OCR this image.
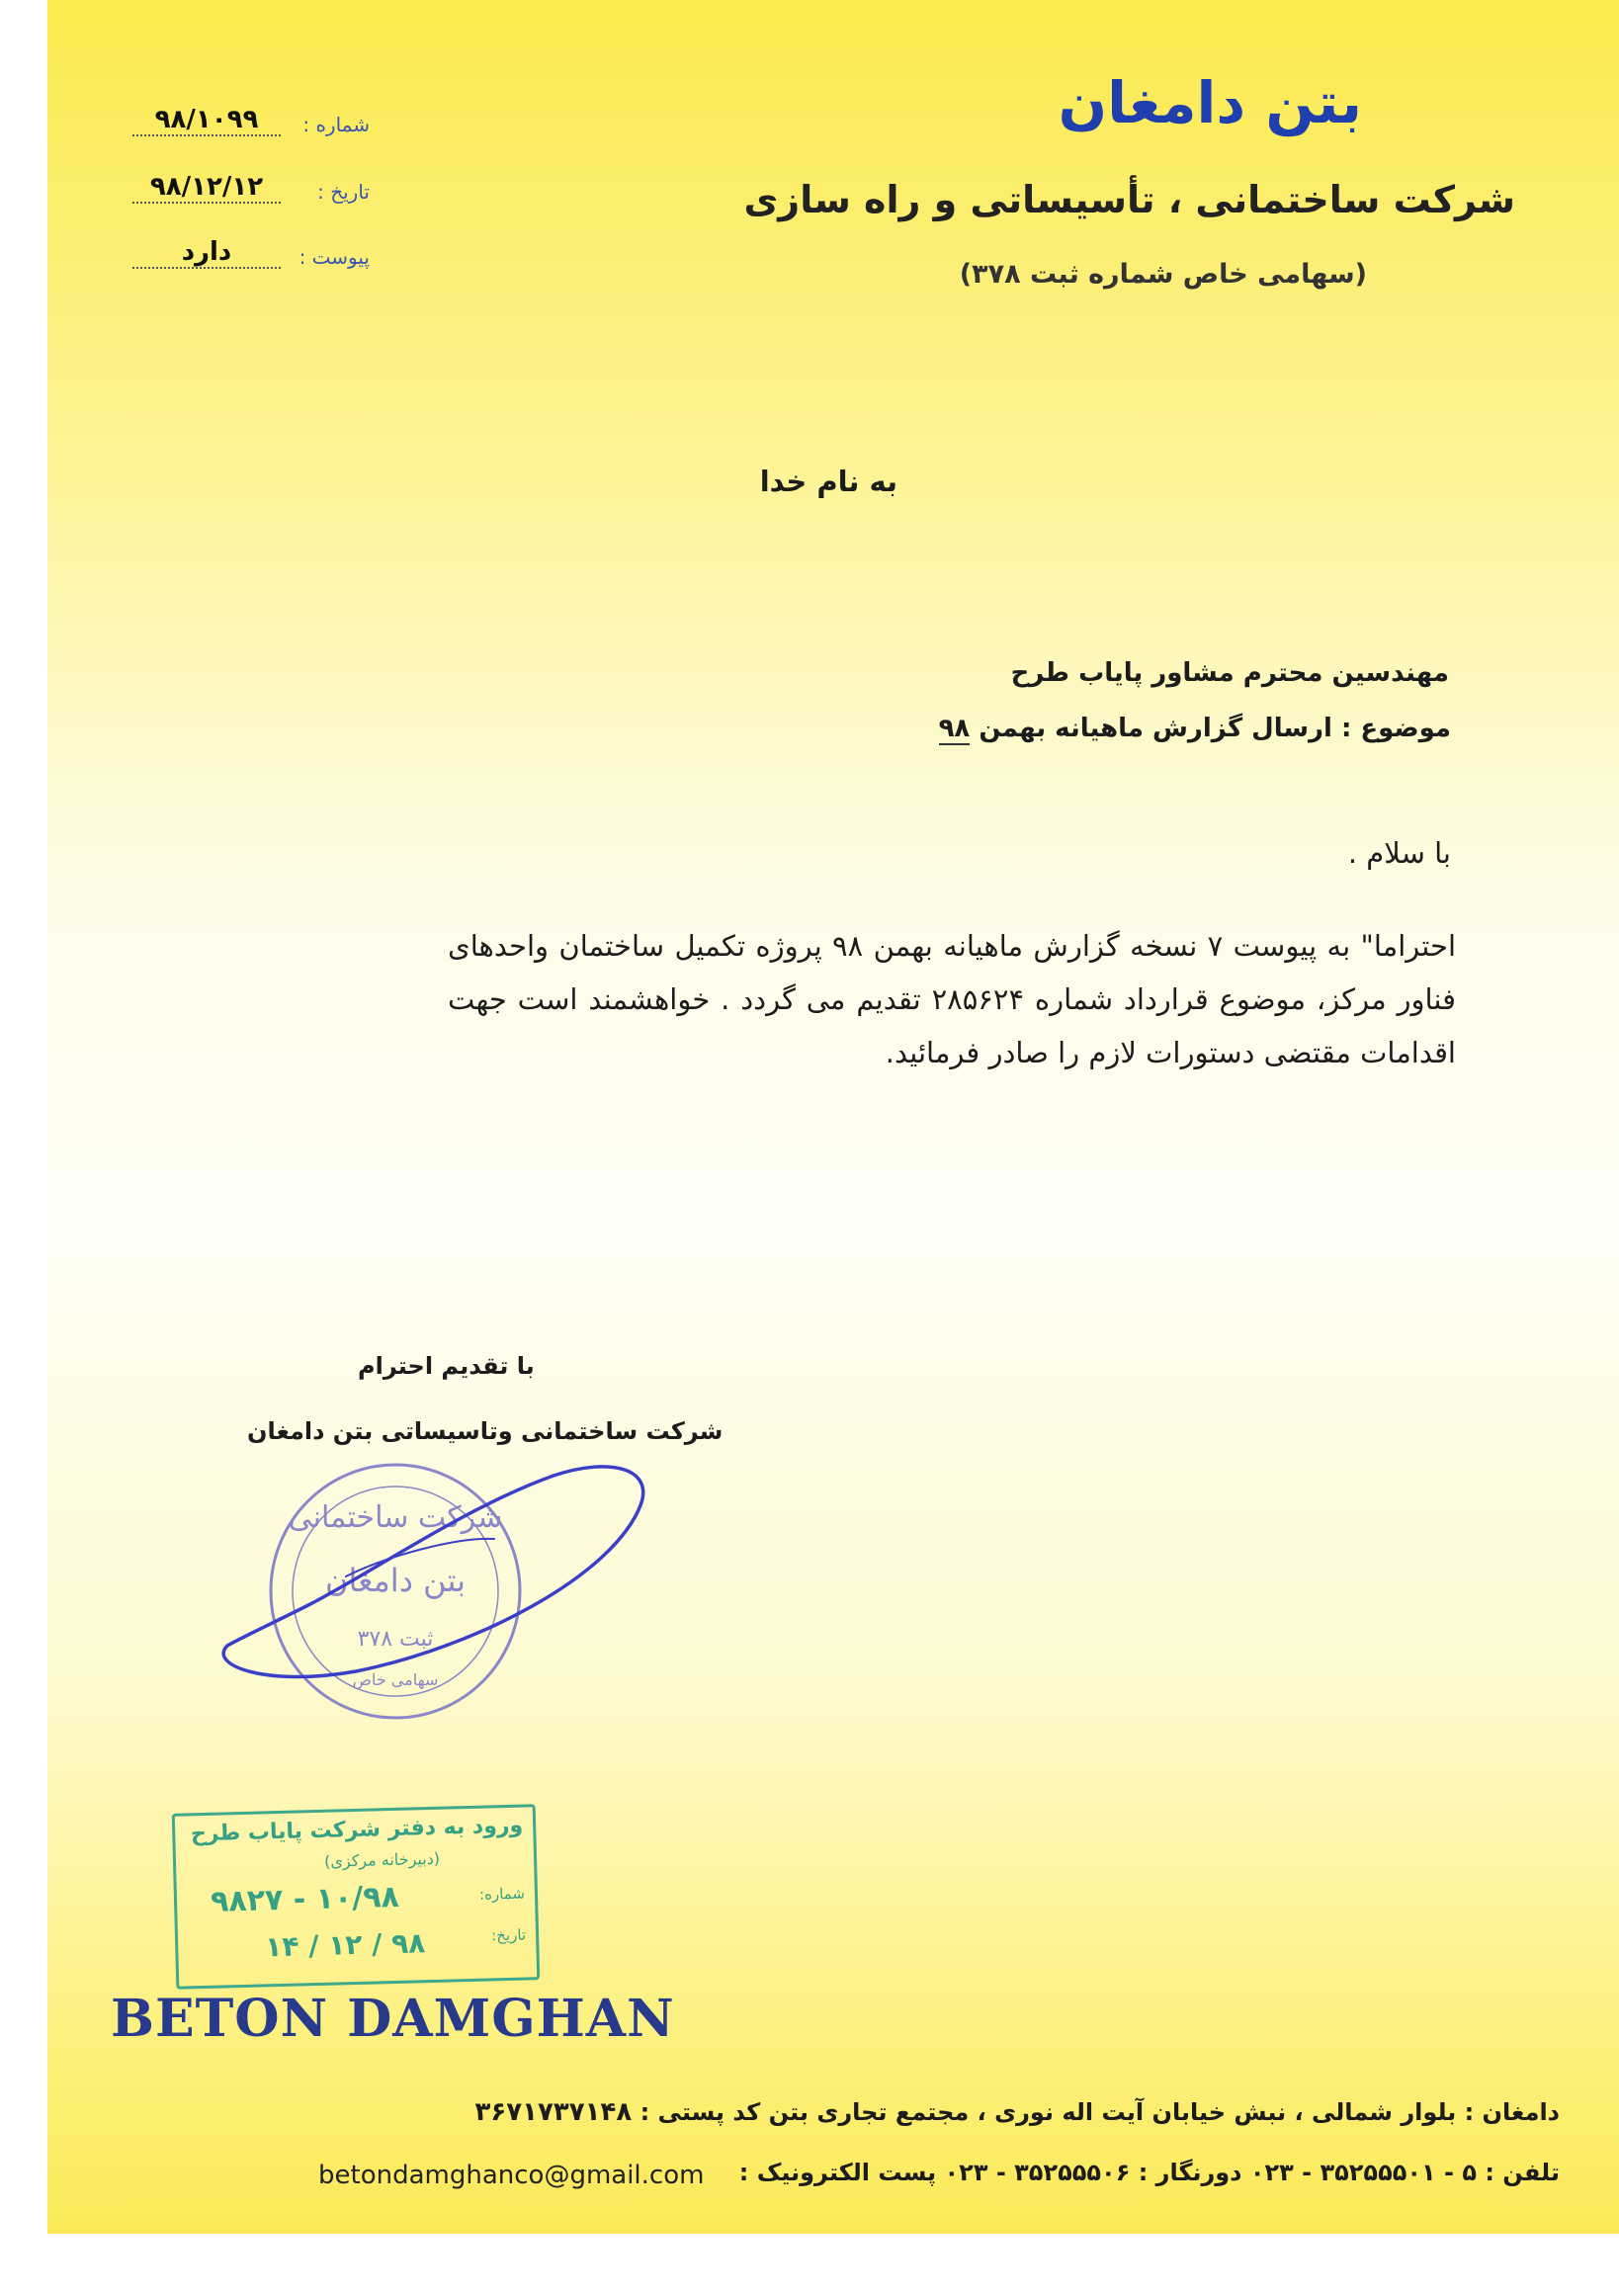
بتن دامغان
شرکت ساختمانی ، تأسیساتی و راه سازی
(سهامی خاص شماره ثبت ۳۷۸)
شماره :
۹۸/۱۰۹۹
تاریخ :
۹۸/۱۲/۱۲
پیوست :
دارد
به نام خدا
مهندسین محترم مشاور پایاب طرح
موضوع : ارسال گزارش ماهیانه بهمن ۹۸
با سلام .
احتراما" به پیوست ۷ نسخه گزارش ماهیانه بهمن ۹۸ پروژه تکمیل ساختمان واحدهای فناور مرکز، موضوع قرارداد شماره ۲۸۵۶۲۴ تقدیم می گردد . خواهشمند است جهت اقدامات مقتضی دستورات لازم را صادر فرمائید.
با تقدیم احترام
شرکت ساختمانی وتاسیساتی بتن دامغان
شرکت ساختمانی
بتن دامغان
ثبت ۳۷۸
سهامی خاص
ورود به دفتر شرکت پایاب طرح
(دبیرخانه مرکزی)
شماره:
۱۰/۹۸ - ۹۸۲۷
تاریخ:
۹۸ / ۱۲ / ۱۴
BETON DAMGHAN
دامغان : بلوار شمالی ، نبش خیابان آیت اله نوری ، مجتمع تجاری بتن کد پستی : ۳۶۷۱۷۳۷۱۴۸
تلفن : ۵ - ۳۵۲۵۵۵۰۱ - ۰۲۳ دورنگار : ۳۵۲۵۵۵۰۶ - ۰۲۳ پست الکترونیک :
betondamghanco@gmail.com
